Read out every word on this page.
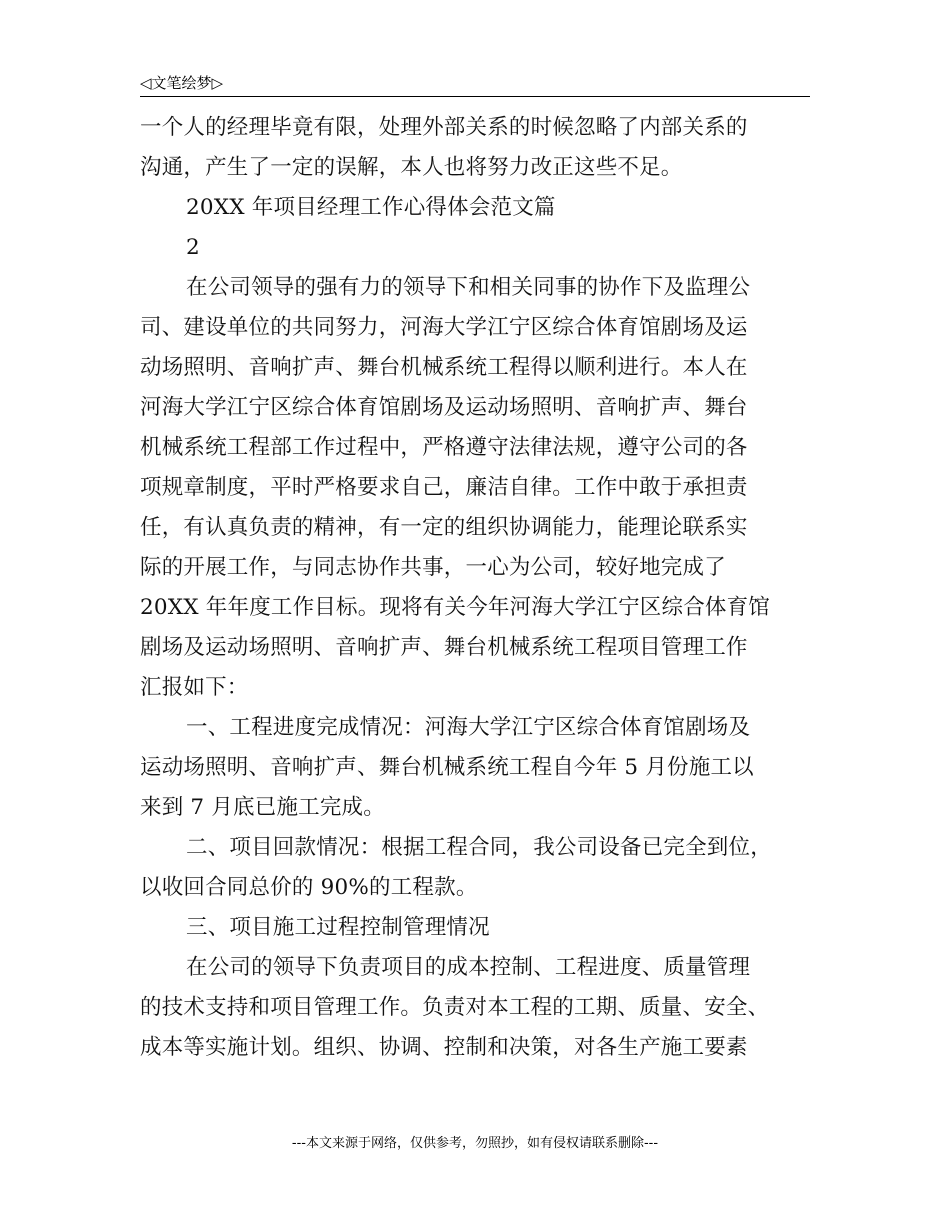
◁文笔绘梦▷
一个人的经理毕竟有限，处理外部关系的时候忽略了内部关系的
沟通，产生了一定的误解，本人也将努力改正这些不足。
20XX 年项目经理工作心得体会范文篇
2
在公司领导的强有力的领导下和相关同事的协作下及监理公
司、建设单位的共同努力，河海大学江宁区综合体育馆剧场及运
动场照明、音响扩声、舞台机械系统工程得以顺利进行。本人在
河海大学江宁区综合体育馆剧场及运动场照明、音响扩声、舞台
机械系统工程部工作过程中，严格遵守法律法规，遵守公司的各
项规章制度，平时严格要求自己，廉洁自律。工作中敢于承担责
任，有认真负责的精神，有一定的组织协调能力，能理论联系实
际的开展工作，与同志协作共事，一心为公司，较好地完成了
20XX 年年度工作目标。现将有关今年河海大学江宁区综合体育馆
剧场及运动场照明、音响扩声、舞台机械系统工程项目管理工作
汇报如下：
一、工程进度完成情况：河海大学江宁区综合体育馆剧场及
运动场照明、音响扩声、舞台机械系统工程自今年 5 月份施工以
来到 7 月底已施工完成。
二、项目回款情况：根据工程合同，我公司设备已完全到位，
以收回合同总价的 90%的工程款。
三、项目施工过程控制管理情况
在公司的领导下负责项目的成本控制、工程进度、质量管理
的技术支持和项目管理工作。负责对本工程的工期、质量、安全、
成本等实施计划。组织、协调、控制和决策，对各生产施工要素
---本文来源于网络，仅供参考，勿照抄，如有侵权请联系删除---
